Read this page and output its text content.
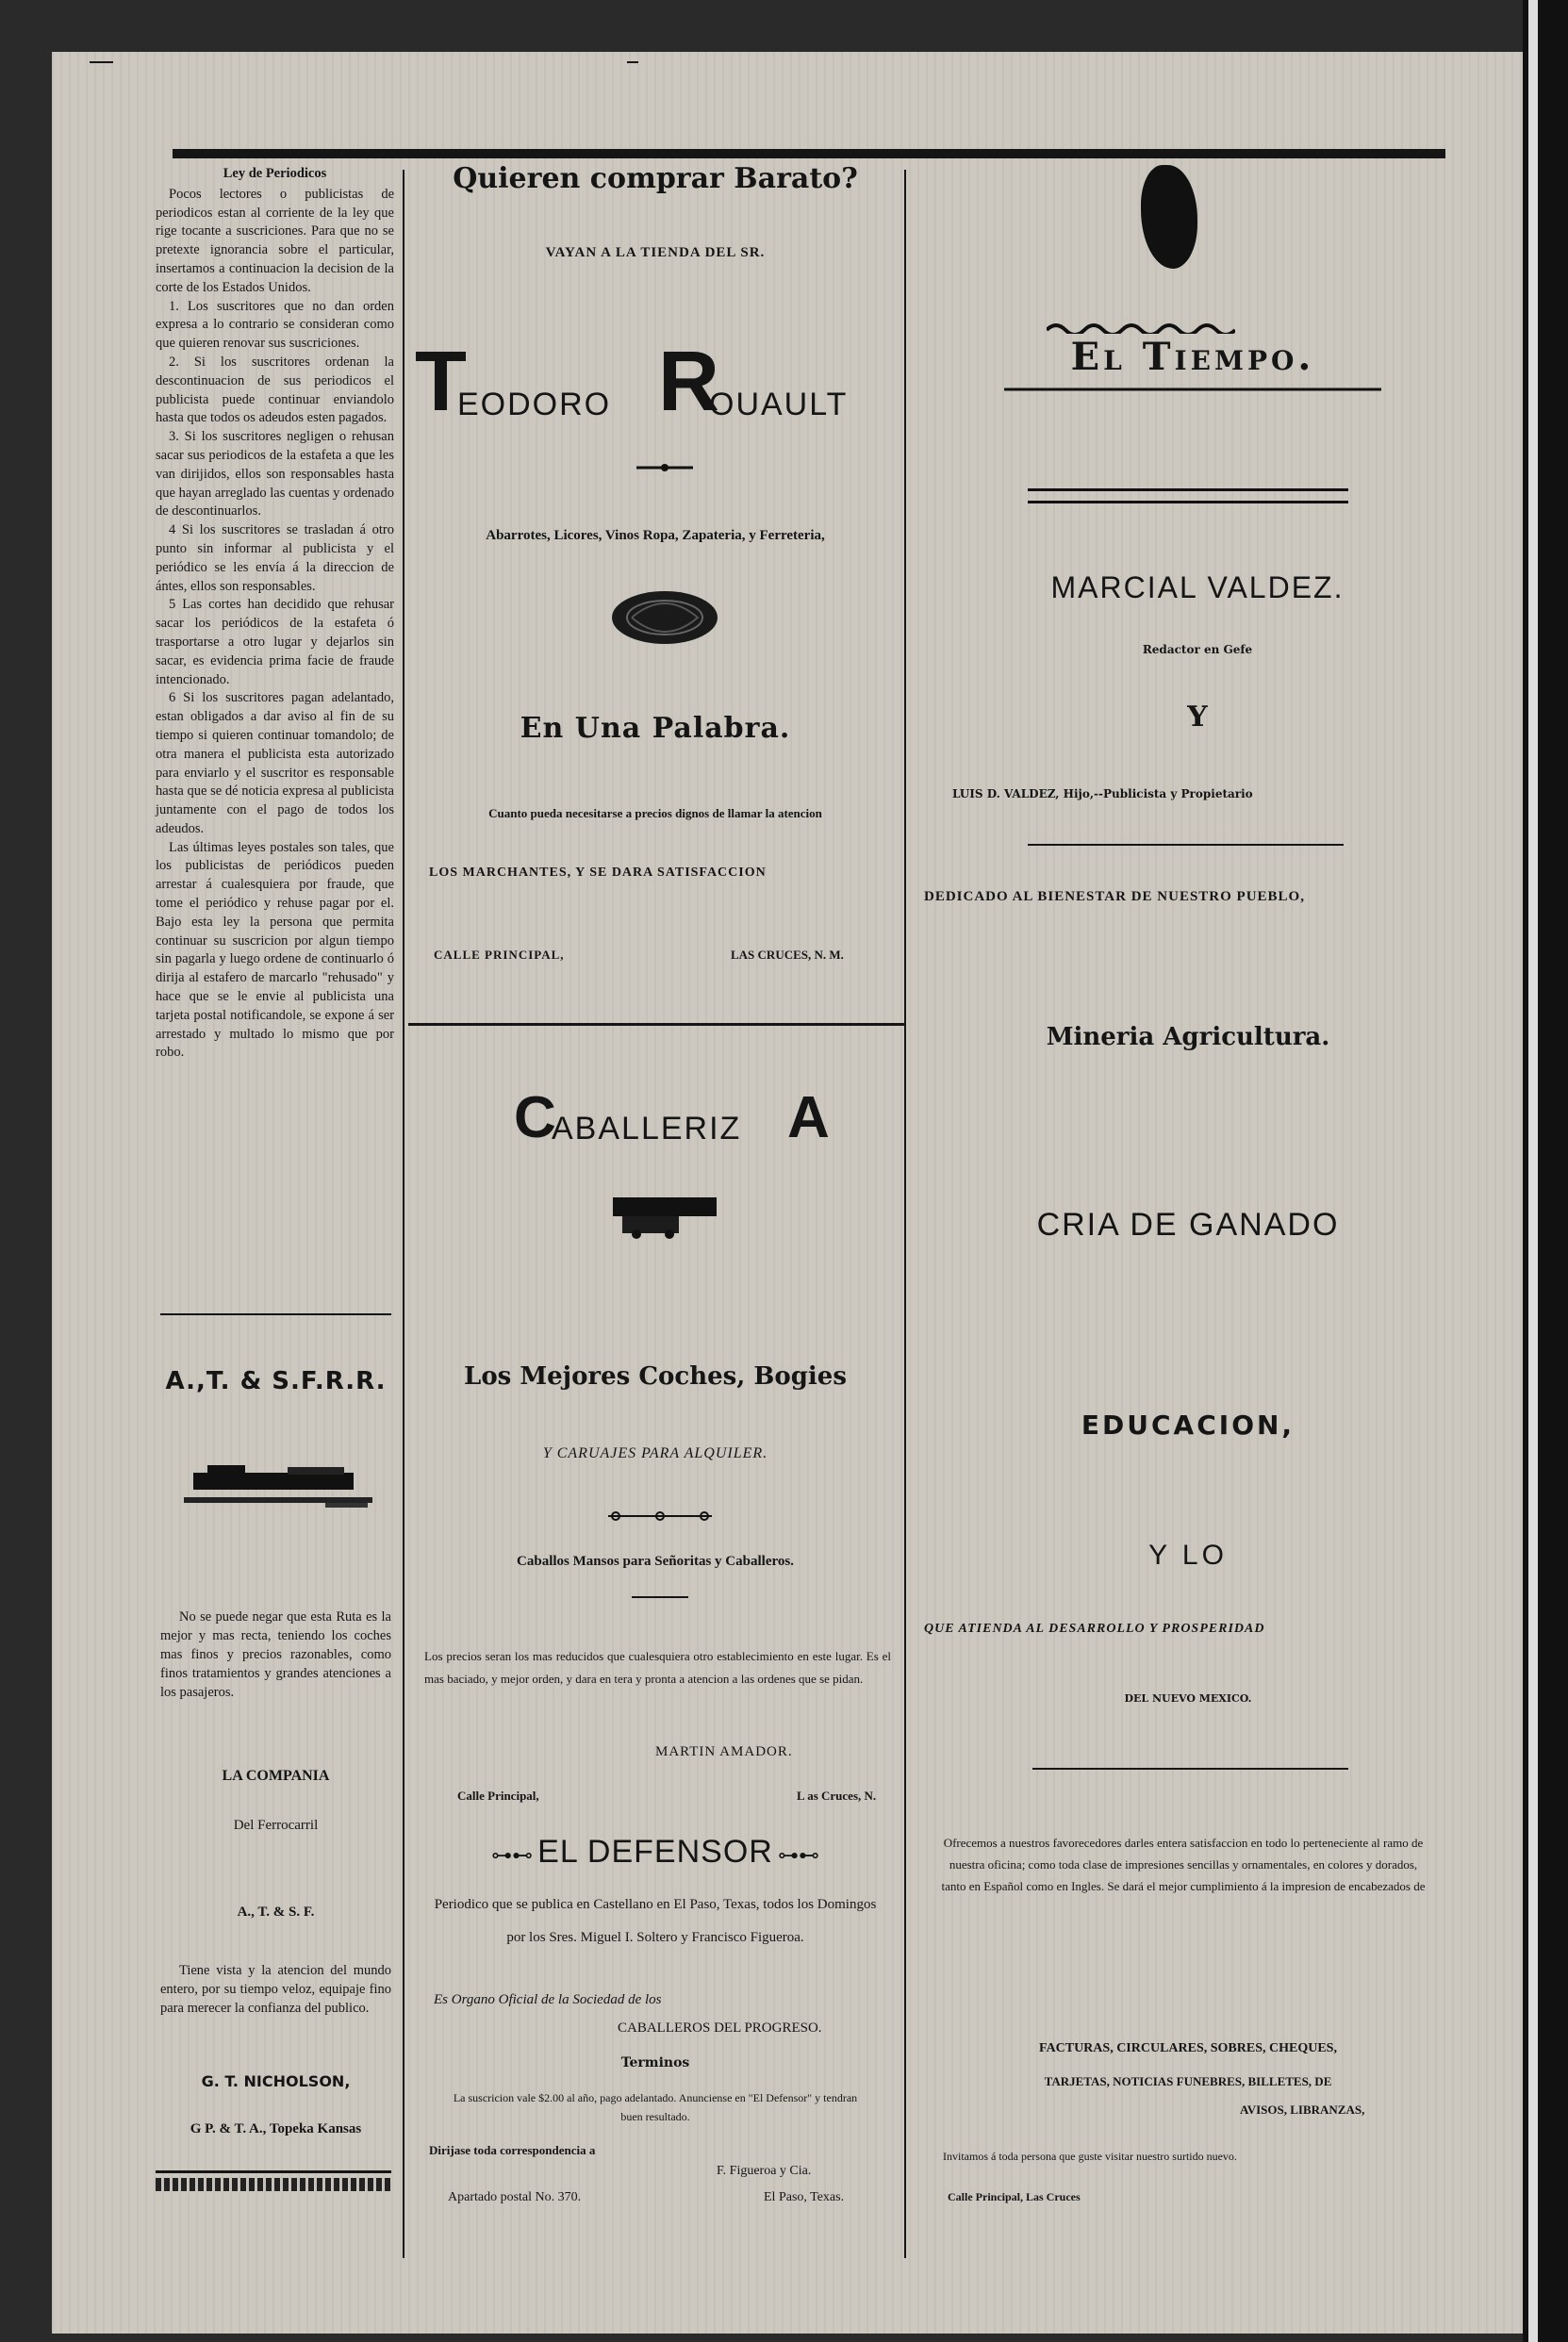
Ley de Periodicos

Pocos lectores o publicistas de periodicos estan al corriente de la ley que rige tocante a suscriciones. Para que no se pretexte ignorancia sobre el particular, insertamos a continuacion la decision de la corte de los Estados Unidos.

1. Los suscritores que no dan orden expresa a lo contrario se consideran como que quieren renovar sus suscriciones.

2. Si los suscritores ordenan la descontinuacion de sus periodicos el publicista puede continuar enviandolo hasta que todos os adeudos esten pagados.

3. Si los suscritores negligen o rehusan sacar sus periodicos de la estafeta a que les van dirijidos, ellos son responsables hasta que hayan arreglado las cuentas y ordenado de descontinuarlos.

4 Si los suscritores se trasladan á otro punto sin informar al publicista y el periódico se les envía á la direccion de ántes, ellos son responsables.

5 Las cortes han decidido que rehusar sacar los periódicos de la estafeta ó trasportarse a otro lugar y dejarlos sin sacar, es evidencia prima facie de fraude intencionado.

6 Si los suscritores pagan adelantado, estan obligados a dar aviso al fin de su tiempo si quieren continuar tomandolo; de otra manera el publicista esta autorizado para enviarlo y el suscritor es responsable hasta que se dé noticia expresa al publicista juntamente con el pago de todos los adeudos.

Las últimas leyes postales son tales, que los publicistas de periódicos pueden arrestar á cualesquiera por fraude, que tome el periódico y rehuse pagar por el. Bajo esta ley la persona que permita continuar su suscricion por algun tiempo sin pagarla y luego ordene de continuarlo ó dirija al estafero de marcarlo "rehusado" y hace que se le envie al publicista una tarjeta postal notificandole, se expone á ser arrestado y multado lo mismo que por robo.

A.,T. & S.F.R.R.
No se puede negar que esta Ruta es la mejor y mas recta, teniendo los coches mas finos y precios razonables, como finos tratamientos y grandes atenciones a los pasajeros.
LA COMPANIA
Del Ferrocarril
A., T. & S. F.
Tiene vista y la atencion del mundo entero, por su tiempo veloz, equipaje fino para merecer la confianza del publico.
G. T. NICHOLSON,
G P. & T. A., Topeka Kansas
Quieren comprar Barato?
VAYAN A LA TIENDA DEL SR.
T
EODORO R
OUAULT
Abarrotes, Licores, Vinos Ropa, Zapateria, y Ferreteria,
En Una Palabra.
Cuanto pueda necesitarse a precios dignos de llamar la atencion
LOS MARCHANTES, Y SE DARA SATISFACCION
CALLE PRINCIPAL,	LAS CRUCES, N. M.
C
ABALLERIZ A
Los Mejores Coches, Bogies
Y CARUAJES PARA ALQUILER.
Caballos Mansos para Señoritas y Caballeros.
Los precios seran los mas reducidos que cualesquiera otro establecimiento en este lugar. Es el mas baciado, y mejor orden, y dara en tera y pronta a atencion a las ordenes que se pidan.
MARTIN AMADOR.
Calle Principal,	L as Cruces, N.
⊶⊷ EL DEFENSOR ⊶⊷
Periodico que se publica en Castellano en El Paso, Texas, todos los Domingos por los Sres. Miguel I. Soltero y Francisco Figueroa.
Es Organo Oficial de la Sociedad de los
CABALLEROS DEL PROGRESO.
Terminos
La suscricion vale $2.00 al año, pago adelantado. Anunciense en "El Defensor" y tendran buen resultado.
Dirijase toda correspondencia a
F. Figueroa y Cia.
Apartado postal No. 370.	El Paso, Texas.
El Tiempo.
MARCIAL VALDEZ.
Redactor en Gefe
Y
LUIS D. VALDEZ, Hijo,--Publicista y Propietario
DEDICADO AL BIENESTAR DE NUESTRO PUEBLO,
Mineria Agricultura.
CRIA DE GANADO
EDUCACION,
Y LO
QUE ATIENDA AL DESARROLLO Y PROSPERIDAD
DEL NUEVO MEXICO.
Ofrecemos a nuestros favorecedores darles entera satisfaccion en todo lo perteneciente al ramo de nuestra oficina; como toda clase de impresiones sencillas y ornamentales, en colores y dorados, tanto en Español como en Ingles. Se dará el mejor cumplimiento á la impresion de encabezados de
FACTURAS, CIRCULARES, SOBRES, CHEQUES,
TARJETAS, NOTICIAS FUNEBRES, BILLETES, DE
AVISOS, LIBRANZAS,
Invitamos á toda persona que guste visitar nuestro surtido nuevo.
Calle Principal, Las Cruces
